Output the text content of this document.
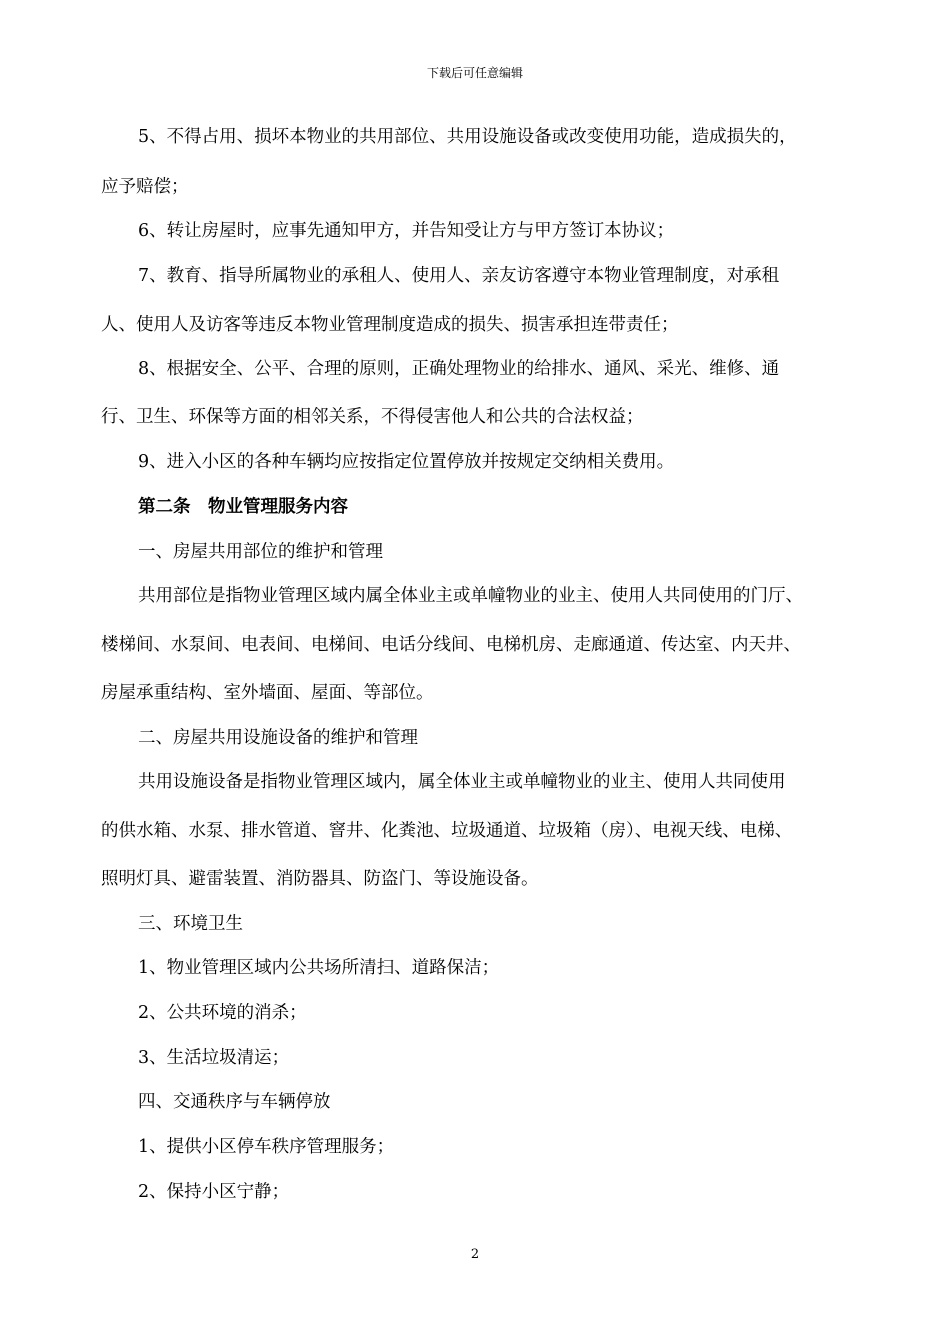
下载后可任意编辑
5、不得占用、损坏本物业的共用部位、共用设施设备或改变使用功能，造成损失的，
应予赔偿；
6、转让房屋时，应事先通知甲方，并告知受让方与甲方签订本协议；
7、教育、指导所属物业的承租人、使用人、亲友访客遵守本物业管理制度，对承租
人、使用人及访客等违反本物业管理制度造成的损失、损害承担连带责任；
8、根据安全、公平、合理的原则，正确处理物业的给排水、通风、采光、维修、通
行、卫生、环保等方面的相邻关系，不得侵害他人和公共的合法权益；
9、进入小区的各种车辆均应按指定位置停放并按规定交纳相关费用。
第二条　物业管理服务内容
一、房屋共用部位的维护和管理
共用部位是指物业管理区域内属全体业主或单幢物业的业主、使用人共同使用的门厅、
楼梯间、水泵间、电表间、电梯间、电话分线间、电梯机房、走廊通道、传达室、内天井、
房屋承重结构、室外墙面、屋面、等部位。
二、房屋共用设施设备的维护和管理
共用设施设备是指物业管理区域内，属全体业主或单幢物业的业主、使用人共同使用
的供水箱、水泵、排水管道、窨井、化粪池、垃圾通道、垃圾箱（房）、电视天线、电梯、
照明灯具、避雷装置、消防器具、防盗门、等设施设备。
三、环境卫生
1、物业管理区域内公共场所清扫、道路保洁；
2、公共环境的消杀；
3、生活垃圾清运；
四、交通秩序与车辆停放
1、提供小区停车秩序管理服务；
2、保持小区宁静；
2
